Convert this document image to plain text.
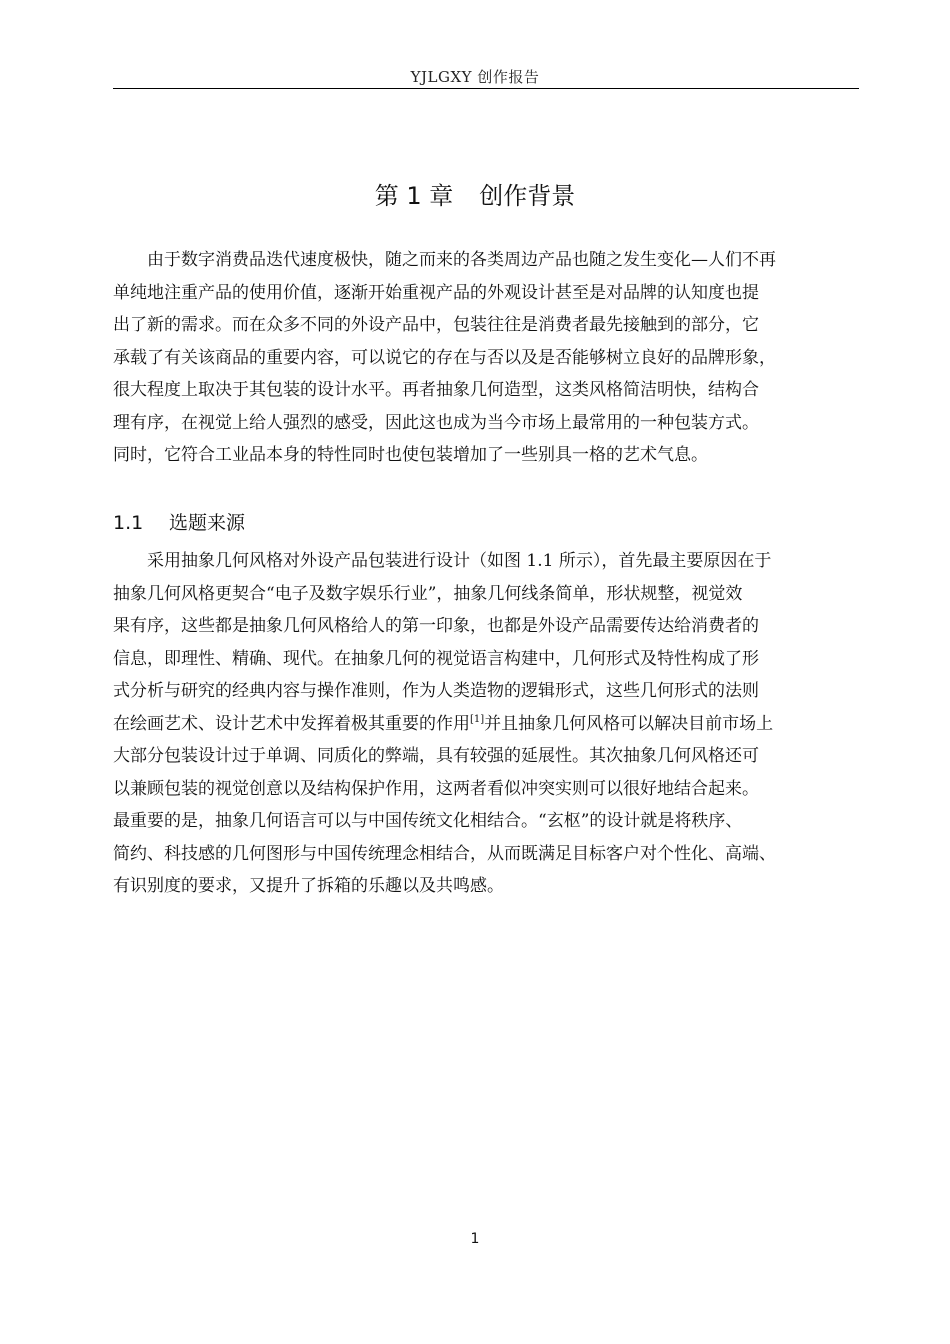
YJLGXY 创作报告
第 1 章 创作背景
由于数字消费品迭代速度极快，随之而来的各类周边产品也随之发生变化—人们不再
单纯地注重产品的使用价值，逐渐开始重视产品的外观设计甚至是对品牌的认知度也提
出了新的需求。而在众多不同的外设产品中，包装往往是消费者最先接触到的部分，它
承载了有关该商品的重要内容，可以说它的存在与否以及是否能够树立良好的品牌形象，
很大程度上取决于其包装的设计水平。再者抽象几何造型，这类风格简洁明快，结构合
理有序，在视觉上给人强烈的感受，因此这也成为当今市场上最常用的一种包装方式。
同时，它符合工业品本身的特性同时也使包装增加了一些别具一格的艺术气息。
1.1 选题来源
采用抽象几何风格对外设产品包装进行设计（如图 1.1 所示），首先最主要原因在于
抽象几何风格更契合“电子及数字娱乐行业”，抽象几何线条简单，形状规整，视觉效
果有序，这些都是抽象几何风格给人的第一印象，也都是外设产品需要传达给消费者的
信息，即理性、精确、现代。在抽象几何的视觉语言构建中，几何形式及特性构成了形
式分析与研究的经典内容与操作准则，作为人类造物的逻辑形式，这些几何形式的法则
在绘画艺术、设计艺术中发挥着极其重要的作用[1]并且抽象几何风格可以解决目前市场上
大部分包装设计过于单调、同质化的弊端，具有较强的延展性。其次抽象几何风格还可
以兼顾包装的视觉创意以及结构保护作用，这两者看似冲突实则可以很好地结合起来。
最重要的是，抽象几何语言可以与中国传统文化相结合。“玄枢”的设计就是将秩序、
简约、科技感的几何图形与中国传统理念相结合，从而既满足目标客户对个性化、高端、
有识别度的要求，又提升了拆箱的乐趣以及共鸣感。
1
